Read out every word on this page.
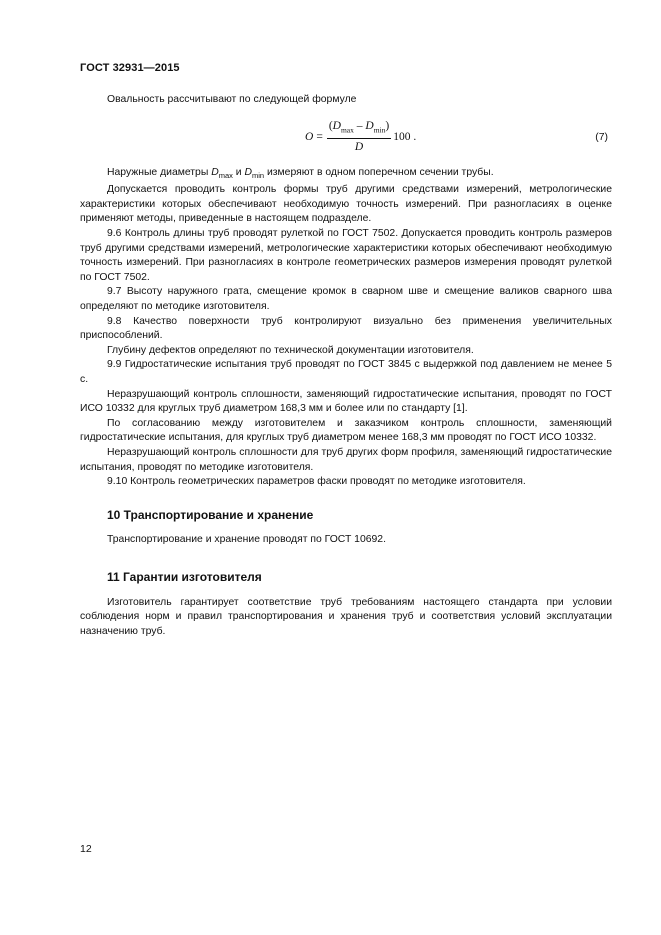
ГОСТ 32931—2015

Овальность рассчитывают по следующей формуле

$O = \frac{(D_{max} - D_{min})}{D} 100$ .	(7)

Наружные диаметры $D_{max}$ и $D_{min}$ измеряют в одном поперечном сечении трубы.

Допускается проводить контроль формы труб другими средствами измерений, метрологические характеристики которых обеспечивают необходимую точность измерений. При разногласиях в оценке применяют методы, приведенные в настоящем подразделе.

9.6 Контроль длины труб проводят рулеткой по ГОСТ 7502. Допускается проводить контроль размеров труб другими средствами измерений, метрологические характеристики которых обеспечивают необходимую точность измерений. При разногласиях в контроле геометрических размеров измерения проводят рулеткой по ГОСТ 7502.

9.7 Высоту наружного грата, смещение кромок в сварном шве и смещение валиков сварного шва определяют по методике изготовителя.

9.8 Качество поверхности труб контролируют визуально без применения увеличительных приспособлений.

Глубину дефектов определяют по технической документации изготовителя.

9.9 Гидростатические испытания труб проводят по ГОСТ 3845 с выдержкой под давлением не менее 5 с.

Неразрушающий контроль сплошности, заменяющий гидростатические испытания, проводят по ГОСТ ИСО 10332 для круглых труб диаметром 168,3 мм и более или по стандарту [1].

По согласованию между изготовителем и заказчиком контроль сплошности, заменяющий гидростатические испытания, для круглых труб диаметром менее 168,3 мм проводят по ГОСТ ИСО 10332.

Неразрушающий контроль сплошности для труб других форм профиля, заменяющий гидростатические испытания, проводят по методике изготовителя.

9.10 Контроль геометрических параметров фаски проводят по методике изготовителя.

10 Транспортирование и хранение

Транспортирование и хранение проводят по ГОСТ 10692.

11 Гарантии изготовителя

Изготовитель гарантирует соответствие труб требованиям настоящего стандарта при условии соблюдения норм и правил транспортирования и хранения труб и соответствия условий эксплуатации назначению труб.

12
